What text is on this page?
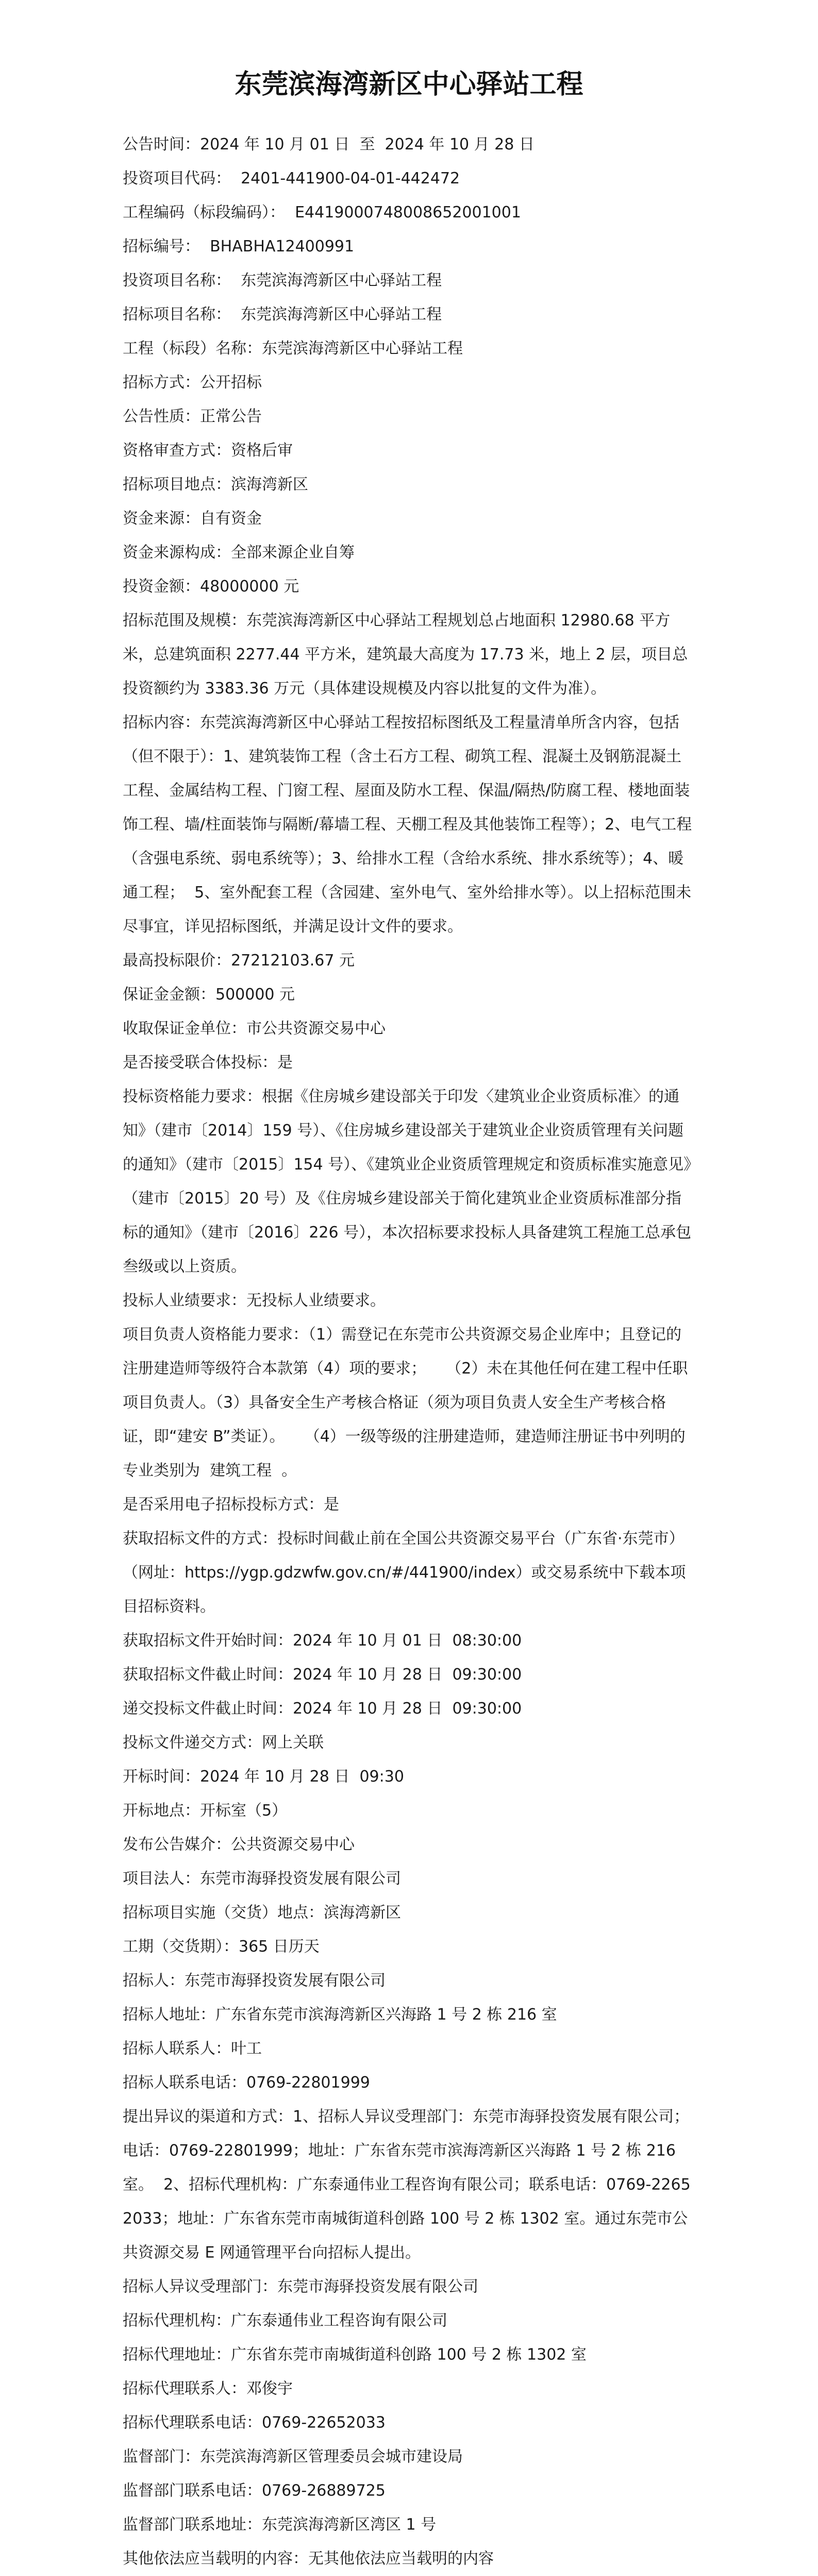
东莞滨海湾新区中心驿站工程

公告时间：2024 年 10 月 01 日  至  2024 年 10 月 28 日

投资项目代码：  2401-441900-04-01-442472

工程编码（标段编码）：  E4419000748008652001001

招标编号：  BHABHA12400991

投资项目名称：  东莞滨海湾新区中心驿站工程

招标项目名称：  东莞滨海湾新区中心驿站工程

工程（标段）名称：东莞滨海湾新区中心驿站工程

招标方式：公开招标

公告性质：正常公告

资格审查方式：资格后审

招标项目地点：滨海湾新区

资金来源：自有资金

资金来源构成：全部来源企业自筹

投资金额：48000000 元

招标范围及规模：东莞滨海湾新区中心驿站工程规划总占地面积 12980.68 平方米，总建筑面积 2277.44 平方米，建筑最大高度为 17.73 米，地上 2 层，项目总投资额约为 3383.36 万元（具体建设规模及内容以批复的文件为准）。

招标内容：东莞滨海湾新区中心驿站工程按招标图纸及工程量清单所含内容，包括（但不限于）：1、建筑装饰工程（含土石方工程、砌筑工程、混凝土及钢筋混凝土工程、金属结构工程、门窗工程、屋面及防水工程、保温/隔热/防腐工程、楼地面装饰工程、墙/柱面装饰与隔断/幕墙工程、天棚工程及其他装饰工程等）；2、电气工程（含强电系统、弱电系统等）；3、给排水工程（含给水系统、排水系统等）；4、暖通工程；  5、室外配套工程（含园建、室外电气、室外给排水等）。以上招标范围未尽事宜，详见招标图纸，并满足设计文件的要求。

最高投标限价：27212103.67 元

保证金金额：500000 元

收取保证金单位：市公共资源交易中心

是否接受联合体投标：是

投标资格能力要求：根据《住房城乡建设部关于印发〈建筑业企业资质标准〉的通知》（建市〔2014〕159 号）、《住房城乡建设部关于建筑业企业资质管理有关问题的通知》（建市〔2015〕154 号）、《建筑业企业资质管理规定和资质标准实施意见》（建市〔2015〕20 号）及《住房城乡建设部关于简化建筑业企业资质标准部分指标的通知》（建市〔2016〕226 号），本次招标要求投标人具备建筑工程施工总承包叁级或以上资质。

投标人业绩要求：无投标人业绩要求。

项目负责人资格能力要求：（1）需登记在东莞市公共资源交易企业库中；且登记的注册建造师等级符合本款第（4）项的要求；    （2）未在其他任何在建工程中任职项目负责人。（3）具备安全生产考核合格证（须为项目负责人安全生产考核合格证，即“建安 B”类证）。    （4）一级等级的注册建造师，建造师注册证书中列明的专业类别为  建筑工程  。

是否采用电子招标投标方式：是

获取招标文件的方式：投标时间截止前在全国公共资源交易平台（广东省·东莞市）  （网址：https://ygp.gdzwfw.gov.cn/#/441900/index）或交易系统中下载本项目招标资料。

获取招标文件开始时间：2024 年 10 月 01 日  08:30:00

获取招标文件截止时间：2024 年 10 月 28 日  09:30:00

递交投标文件截止时间：2024 年 10 月 28 日  09:30:00

投标文件递交方式：网上关联

开标时间：2024 年 10 月 28 日  09:30

开标地点：开标室（5）

发布公告媒介：公共资源交易中心

项目法人：东莞市海驿投资发展有限公司

招标项目实施（交货）地点：滨海湾新区

工期（交货期）：365 日历天

招标人：东莞市海驿投资发展有限公司

招标人地址：广东省东莞市滨海湾新区兴海路 1 号 2 栋 216 室

招标人联系人：叶工

招标人联系电话：0769-22801999

提出异议的渠道和方式：1、招标人异议受理部门：东莞市海驿投资发展有限公司；电话：0769-22801999；地址：广东省东莞市滨海湾新区兴海路 1 号 2 栋 216 室。  2、招标代理机构：广东泰通伟业工程咨询有限公司；联系电话：0769-22652033；地址：广东省东莞市南城街道科创路 100 号 2 栋 1302 室。通过东莞市公共资源交易 E 网通管理平台向招标人提出。

招标人异议受理部门：东莞市海驿投资发展有限公司

招标代理机构：广东泰通伟业工程咨询有限公司

招标代理地址：广东省东莞市南城街道科创路 100 号 2 栋 1302 室

招标代理联系人：邓俊宇

招标代理联系电话：0769-22652033

监督部门：东莞滨海湾新区管理委员会城市建设局

监督部门联系电话：0769-26889725

监督部门联系地址：东莞滨海湾新区湾区 1 号

其他依法应当载明的内容：无其他依法应当载明的内容
